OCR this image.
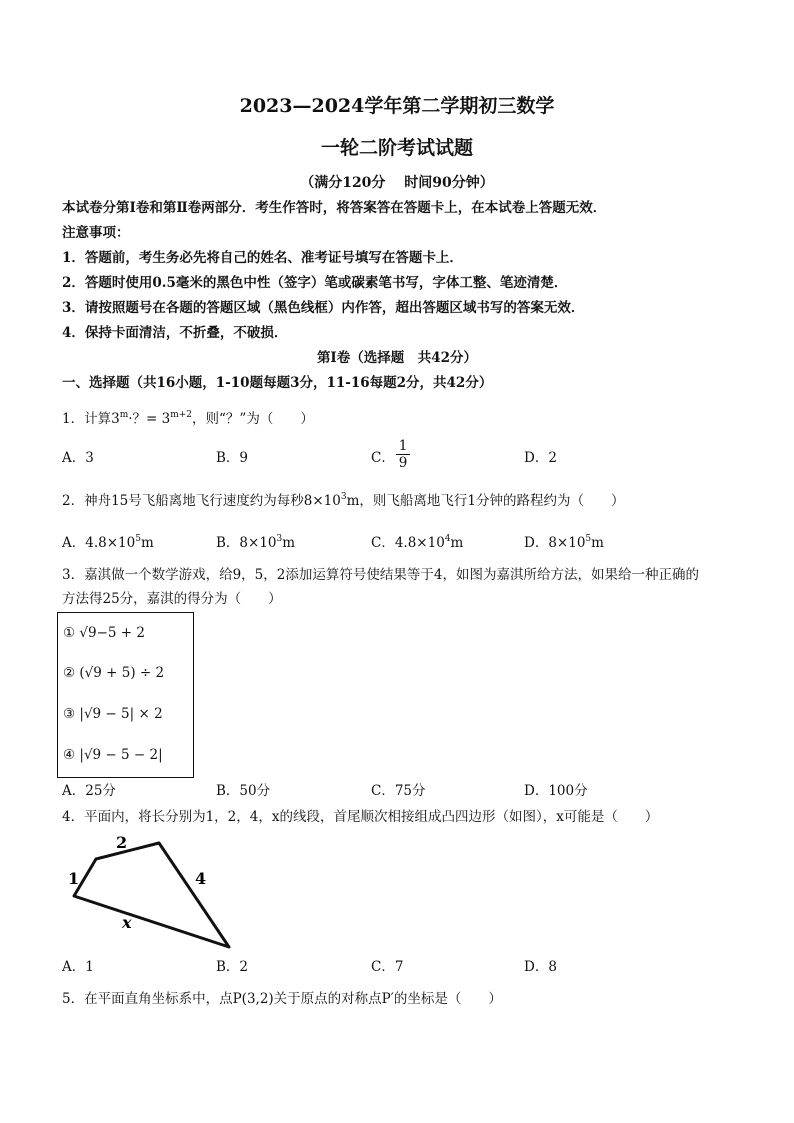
2023—2024学年第二学期初三数学
一轮二阶考试试题
（满分120分　 时间90分钟）
本试卷分第Ⅰ卷和第Ⅱ卷两部分．考生作答时，将答案答在答题卡上，在本试卷上答题无效．
注意事项：
1．答题前，考生务必先将自己的姓名、准考证号填写在答题卡上．
2．答题时使用0.5毫米的黑色中性（签字）笔或碳素笔书写，字体工整、笔迹清楚．
3．请按照题号在各题的答题区域（黑色线框）内作答，超出答题区域书写的答案无效．
4．保持卡面清洁，不折叠，不破损．
第Ⅰ卷（选择题　共42分）
一、选择题（共16小题，1-10题每题3分，11-16每题2分，共42分）
1．计算$3^m\cdot$？= $3^{m+2}$，则“？”为（　　）
A．3	B．9	C． $\frac{1}{9}$	D．2
2．神舟15号飞船离地飞行速度约为每秒$8\times 10^3m$，则飞船离地飞行1分钟的路程约为（　　）
A．$4.8\times 10^5m$	B．$8\times 10^3m$	C．$4.8\times 10^4m$	D．$8\times 10^5m$
3．嘉淇做一个数学游戏，给9，5，2添加运算符号使结果等于4，如图为嘉淇所给方法，如果给一种正确的
方法得25分，嘉淇的得分为（　　）
① √9−5 + 2
② (√9 + 5) ÷ 2
③ |√9 − 5| × 2
④ |√9 − 5 − 2|
A．25分	B．50分	C．75分	D．100分
4．平面内，将长分别为1，2，4，x的线段，首尾顺次相接组成凸四边形（如图），x可能是（　　）
1
2
4
x
A．1	B．2	C．7	D．8
5．在平面直角坐标系中，点P(3,2)关于原点的对称点P′的坐标是（　　）
